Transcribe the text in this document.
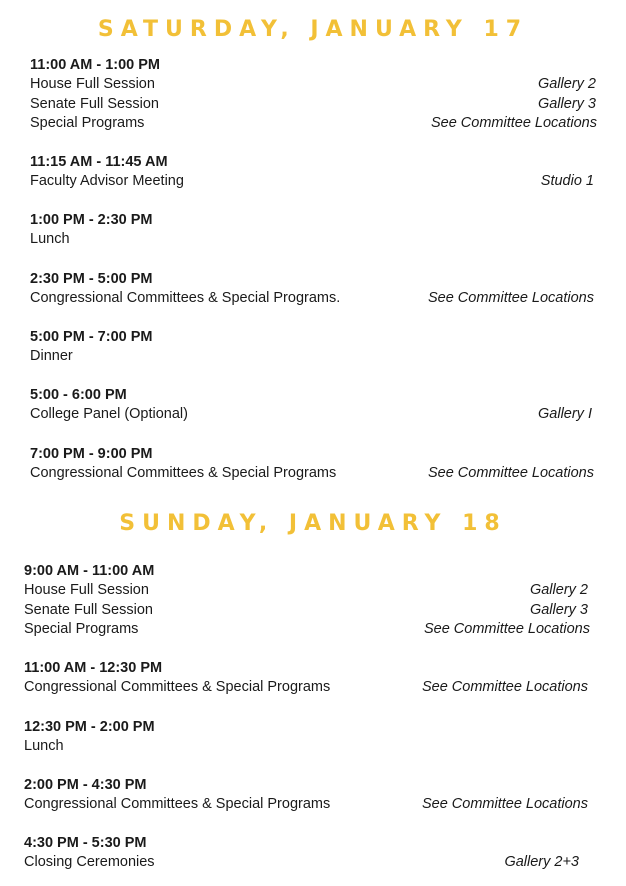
SATURDAY, JANUARY 17
11:00 AM - 1:00 PM
House Full Session	Gallery 2
Senate Full Session	Gallery 3
Special Programs	See Committee Locations
11:15 AM - 11:45 AM
Faculty Advisor Meeting	Studio 1
1:00 PM - 2:30 PM
Lunch
2:30 PM - 5:00 PM
Congressional Committees & Special Programs.	See Committee Locations
5:00 PM - 7:00 PM
Dinner
5:00 - 6:00 PM
College Panel (Optional)	Gallery I
7:00 PM - 9:00 PM
Congressional Committees & Special Programs	See Committee Locations
SUNDAY, JANUARY 18
9:00 AM - 11:00 AM
House Full Session	Gallery 2
Senate Full Session	Gallery 3
Special Programs	See Committee Locations
11:00 AM - 12:30 PM
Congressional Committees & Special Programs	See Committee Locations
12:30 PM - 2:00 PM
Lunch
2:00 PM - 4:30 PM
Congressional Committees & Special Programs	See Committee Locations
4:30 PM - 5:30 PM
Closing Ceremonies	Gallery 2+3
